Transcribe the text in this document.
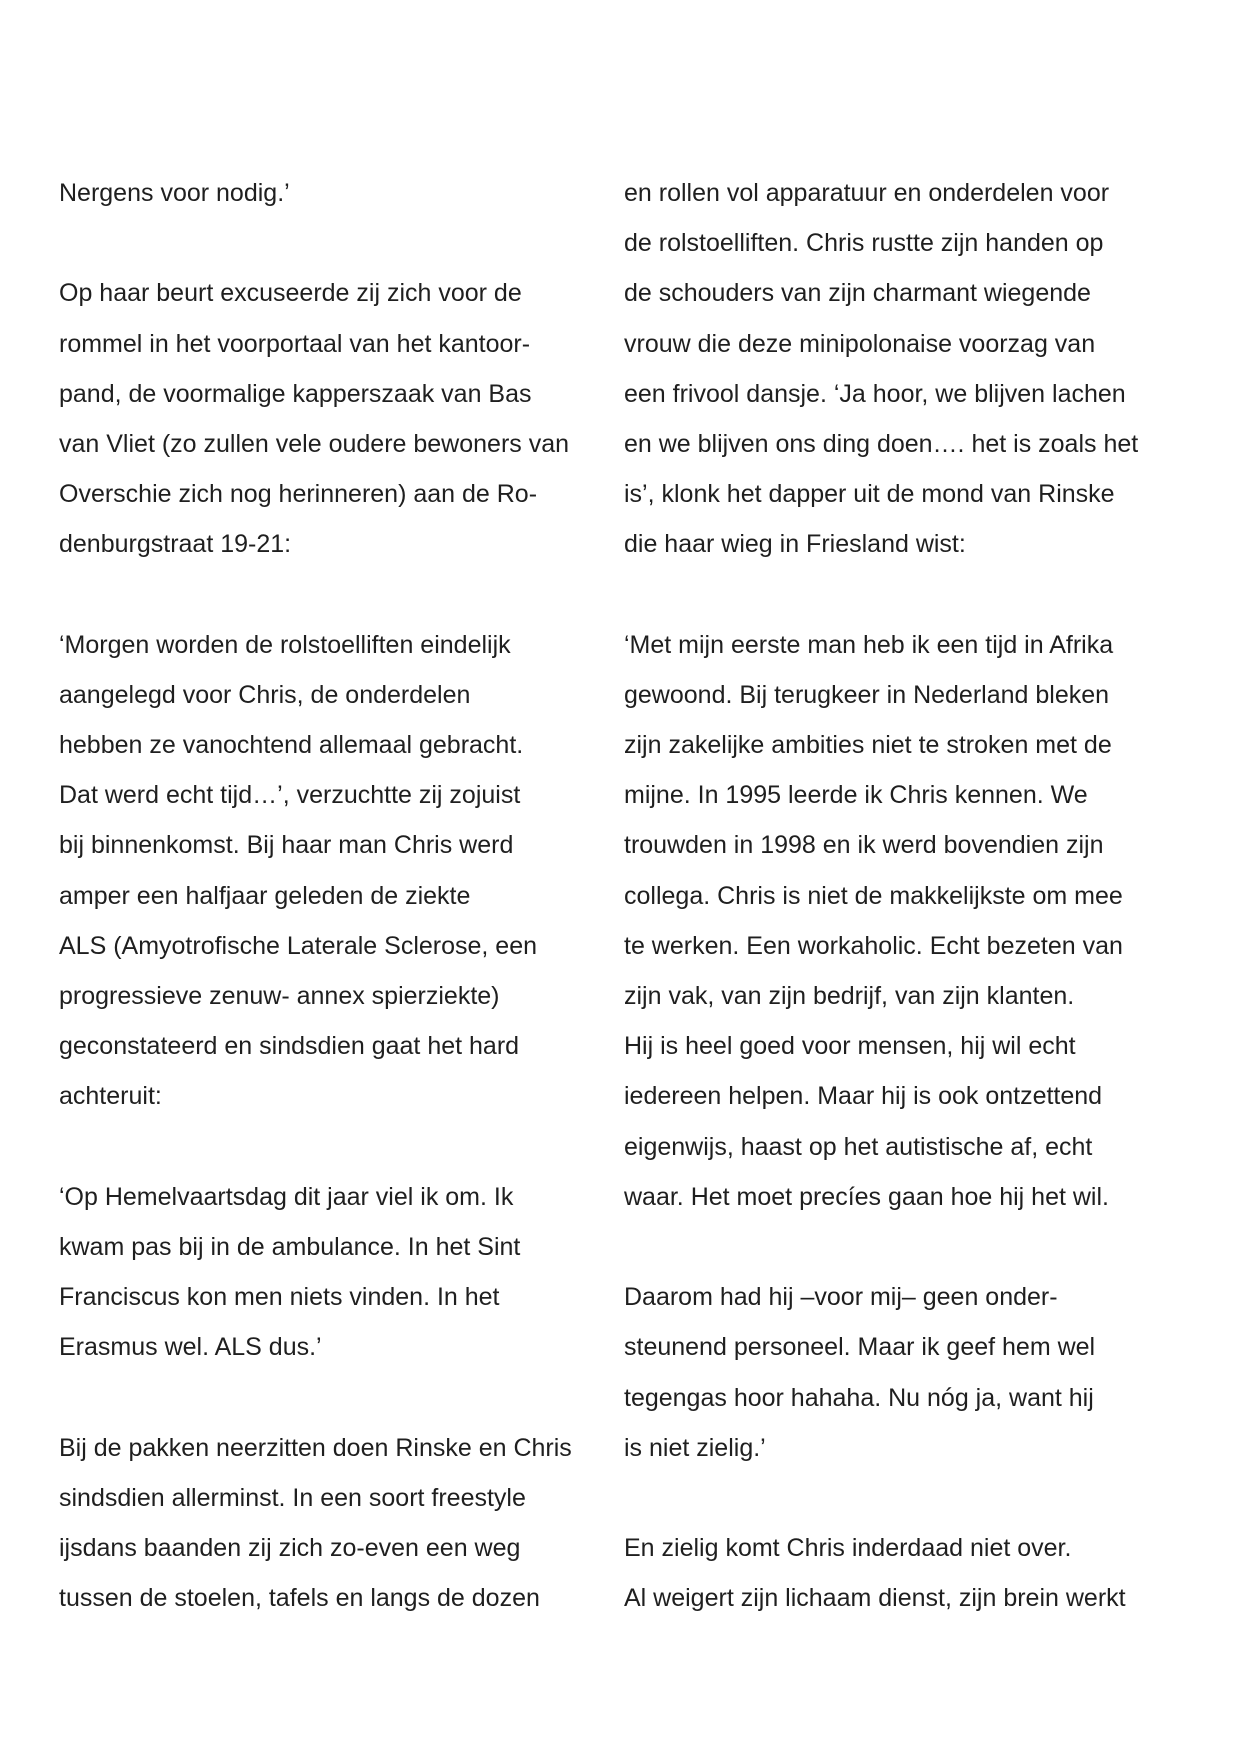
Nergens voor nodig.’
Op haar beurt excuseerde zij zich voor de
rommel in het voorportaal van het kantoor-
pand, de voormalige kapperszaak van Bas
van Vliet (zo zullen vele oudere bewoners van
Overschie zich nog herinneren) aan de Ro-
denburgstraat 19-21:
‘Morgen worden de rolstoelliften eindelijk
aangelegd voor Chris, de onderdelen
hebben ze vanochtend allemaal gebracht.
Dat werd echt tijd…’, verzuchtte zij zojuist
bij binnenkomst. Bij haar man Chris werd
amper een halfjaar geleden de ziekte
ALS (Amyotrofische Laterale Sclerose, een
progressieve zenuw- annex spierziekte)
geconstateerd en sindsdien gaat het hard
achteruit:
‘Op Hemelvaartsdag dit jaar viel ik om. Ik
kwam pas bij in de ambulance. In het Sint
Franciscus kon men niets vinden. In het
Erasmus wel. ALS dus.’
Bij de pakken neerzitten doen Rinske en Chris
sindsdien allerminst. In een soort freestyle
ijsdans baanden zij zich zo-even een weg
tussen de stoelen, tafels en langs de dozen
en rollen vol apparatuur en onderdelen voor
de rolstoelliften. Chris rustte zijn handen op
de schouders van zijn charmant wiegende
vrouw die deze minipolonaise voorzag van
een frivool dansje. ‘Ja hoor, we blijven lachen
en we blijven ons ding doen…. het is zoals het
is’, klonk het dapper uit de mond van Rinske
die haar wieg in Friesland wist:
‘Met mijn eerste man heb ik een tijd in Afrika
gewoond. Bij terugkeer in Nederland bleken
zijn zakelijke ambities niet te stroken met de
mijne. In 1995 leerde ik Chris kennen. We
trouwden in 1998 en ik werd bovendien zijn
collega. Chris is niet de makkelijkste om mee
te werken. Een workaholic. Echt bezeten van
zijn vak, van zijn bedrijf, van zijn klanten.
Hij is heel goed voor mensen, hij wil echt
iedereen helpen. Maar hij is ook ontzettend
eigenwijs, haast op het autistische af, echt
waar. Het moet precíes gaan hoe hij het wil.
Daarom had hij –voor mij– geen onder-
steunend personeel. Maar ik geef hem wel
tegengas hoor hahaha. Nu nóg ja, want hij
is niet zielig.’
En zielig komt Chris inderdaad niet over.
Al weigert zijn lichaam dienst, zijn brein werkt
